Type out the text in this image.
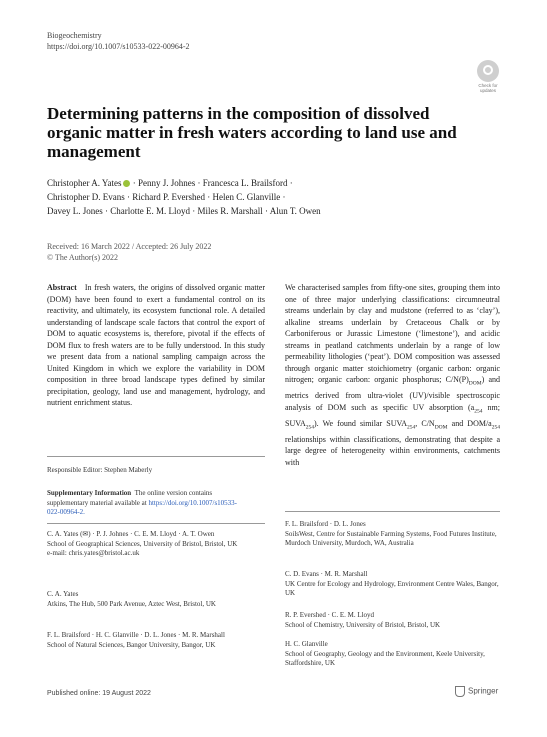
Biogeochemistry
https://doi.org/10.1007/s10533-022-00964-2
Check for
updates
Determining patterns in the composition of dissolved organic matter in fresh waters according to land use and management
Christopher A. Yates · Penny J. Johnes · Francesca L. Brailsford ·
Christopher D. Evans · Richard P. Evershed · Helen C. Glanville ·
Davey L. Jones · Charlotte E. M. Lloyd · Miles R. Marshall · Alun T. Owen
Received: 16 March 2022 / Accepted: 26 July 2022
© The Author(s) 2022
Abstract In fresh waters, the origins of dissolved organic matter (DOM) have been found to exert a fundamental control on its reactivity, and ultimately, its ecosystem functional role. A detailed understanding of landscape scale factors that control the export of DOM to aquatic ecosystems is, therefore, pivotal if the effects of DOM flux to fresh waters are to be fully understood. In this study we present data from a national sampling campaign across the United Kingdom in which we explore the variability in DOM composition in three broad landscape types defined by similar precipitation, geology, land use and management, hydrology, and nutrient enrichment status.
We characterised samples from fifty-one sites, grouping them into one of three major underlying classifications: circumneutral streams underlain by clay and mudstone (referred to as ‘clay’), alkaline streams underlain by Cretaceous Chalk or by Carboniferous or Jurassic Limestone (‘limestone’), and acidic streams in peatland catchments underlain by a range of low permeability lithologies (‘peat’). DOM composition was assessed through organic matter stoichiometry (organic carbon: organic nitrogen; organic carbon: organic phosphorus; $C/N(P)_{DOM}$) and metrics derived from ultra-violet (UV)/visible spectroscopic analysis of DOM such as specific UV absorption ($a_{254}$ nm; $SUVA_{254}$). We found similar $SUVA_{254}$, $C/N_{DOM}$ and DOM/$a_{254}$ relationships within classifications, demonstrating that despite a large degree of heterogeneity within environments, catchments with
Responsible Editor: Stephen Maberly
Supplementary Information The online version contains supplementary material available at https://doi.org/10.1007/s10533-022-00964-2.
C. A. Yates (✉) · P. J. Johnes · C. E. M. Lloyd · A. T. Owen
School of Geographical Sciences, University of Bristol, Bristol, UK
e-mail: chris.yates@bristol.ac.uk
C. A. Yates
Atkins, The Hub, 500 Park Avenue, Aztec West, Bristol, UK
F. L. Brailsford · H. C. Glanville · D. L. Jones · M. R. Marshall
School of Natural Sciences, Bangor University, Bangor, UK
F. L. Brailsford · D. L. Jones
SoilsWest, Centre for Sustainable Farming Systems, Food Futures Institute, Murdoch University, Murdoch, WA, Australia
C. D. Evans · M. R. Marshall
UK Centre for Ecology and Hydrology, Environment Centre Wales, Bangor, UK
R. P. Evershed · C. E. M. Lloyd
School of Chemistry, University of Bristol, Bristol, UK
H. C. Glanville
School of Geography, Geology and the Environment, Keele University, Staffordshire, UK
Published online: 19 August 2022	Springer
